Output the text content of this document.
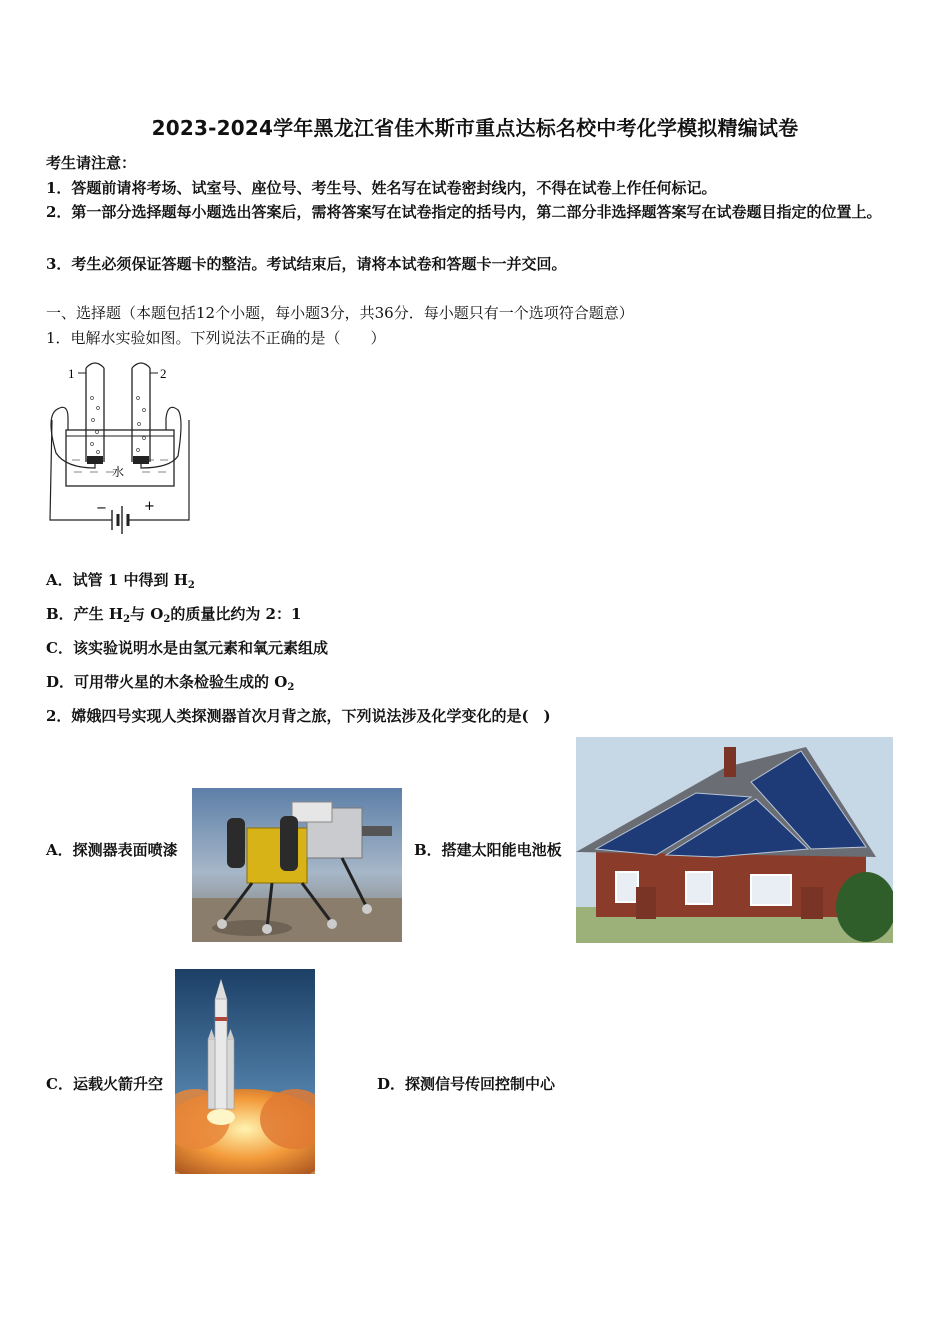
2023-2024学年黑龙江省佳木斯市重点达标名校中考化学模拟精编试卷
考生请注意：
1．答题前请将考场、试室号、座位号、考生号、姓名写在试卷密封线内，不得在试卷上作任何标记。
2．第一部分选择题每小题选出答案后，需将答案写在试卷指定的括号内，第二部分非选择题答案写在试卷题目指定的位置上。
3．考生必须保证答题卡的整洁。考试结束后，请将本试卷和答题卡一并交回。
一、选择题（本题包括12个小题，每小题3分，共36分．每小题只有一个选项符合题意）
1．电解水实验如图。下列说法不正确的是（　　）
1	2
水
−	+
A．试管 1 中得到 $H_2$
B．产生 $H_2$与 $O_2$的质量比约为 2：1
C．该实验说明水是由氢元素和氧元素组成
D．可用带火星的木条检验生成的 $O_2$
2．嫦娥四号实现人类探测器首次月背之旅，下列说法涉及化学变化的是(　)
A．探测器表面喷漆	B．搭建太阳能电池板
C．运载火箭升空	D．探测信号传回控制中心
